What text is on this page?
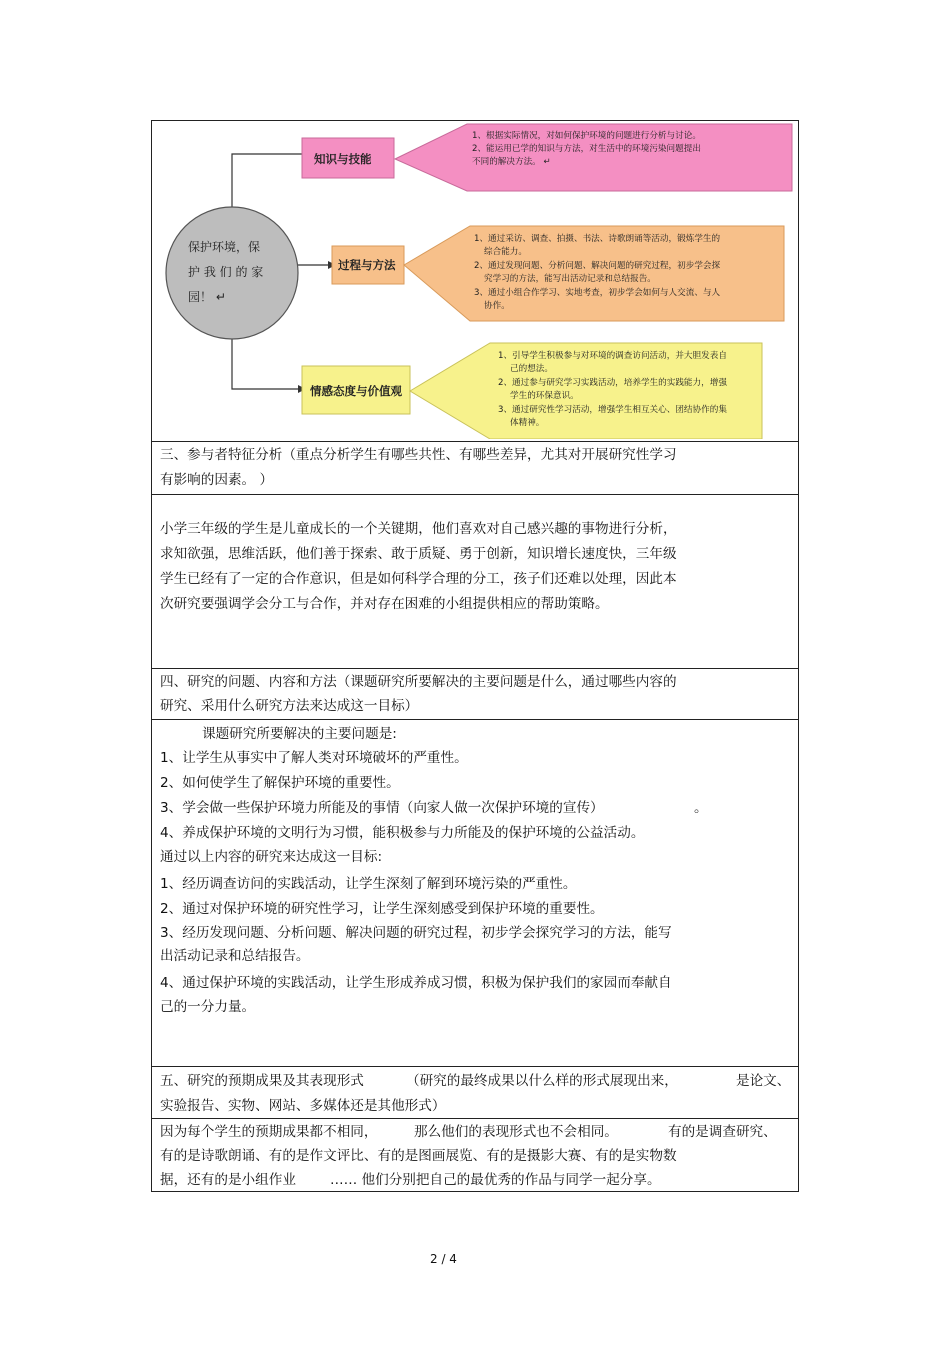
保护环境，保
护 我 们 的 家
园！ ↵
知识与技能
1、根据实际情况，对如何保护环境的问题进行分析与讨论。
2、能运用已学的知识与方法，对生活中的环境污染问题提出
不同的解决方法。 ↵
过程与方法
1、通过采访、调查、拍摄、书法、诗歌朗诵等活动，锻炼学生的
综合能力。
2、通过发现问题、分析问题、解决问题的研究过程，初步学会探
究学习的方法，能写出活动记录和总结报告。
3、通过小组合作学习、实地考查，初步学会如何与人交流、与人
协作。
情感态度与价值观
1、引导学生积极参与对环境的调查访问活动，并大胆发表自
己的想法。
2、通过参与研究学习实践活动，培养学生的实践能力，增强
学生的环保意识。
3、通过研究性学习活动，增强学生相互关心、团结协作的集
体精神。
三、参与者特征分析（重点分析学生有哪些共性、有哪些差异，尤其对开展研究性学习
有影响的因素。 ）
小学三年级的学生是儿童成长的一个关键期，他们喜欢对自己感兴趣的事物进行分析，
求知欲强，思维活跃，他们善于探索、敢于质疑、勇于创新，知识增长速度快，三年级
学生已经有了一定的合作意识，但是如何科学合理的分工，孩子们还难以处理，因此本
次研究要强调学会分工与合作，并对存在困难的小组提供相应的帮助策略。
四、研究的问题、内容和方法（课题研究所要解决的主要问题是什么，通过哪些内容的
研究、采用什么研究方法来达成这一目标）
课题研究所要解决的主要问题是:
1、让学生从事实中了解人类对环境破坏的严重性。
2、如何使学生了解保护环境的重要性。
3、学会做一些保护环境力所能及的事情（向家人做一次保护环境的宣传）	。
4、养成保护环境的文明行为习惯，能积极参与力所能及的保护环境的公益活动。
通过以上内容的研究来达成这一目标:
1、经历调查访问的实践活动，让学生深刻了解到环境污染的严重性。
2、通过对保护环境的研究性学习，让学生深刻感受到保护环境的重要性。
3、经历发现问题、分析问题、解决问题的研究过程，初步学会探究学习的方法，能写
出活动记录和总结报告。
4、通过保护环境的实践活动，让学生形成养成习惯，积极为保护我们的家园而奉献自
己的一分力量。
五、研究的预期成果及其表现形式	（研究的最终成果以什么样的形式展现出来，	是论文、
实验报告、实物、网站、多媒体还是其他形式）
因为每个学生的预期成果都不相同，	那么他们的表现形式也不会相同。	有的是调查研究、
有的是诗歌朗诵、有的是作文评比、有的是图画展览、有的是摄影大赛、有的是实物数
据，还有的是小组作业	…… 他们分别把自己的最优秀的作品与同学一起分享。
2 / 4
